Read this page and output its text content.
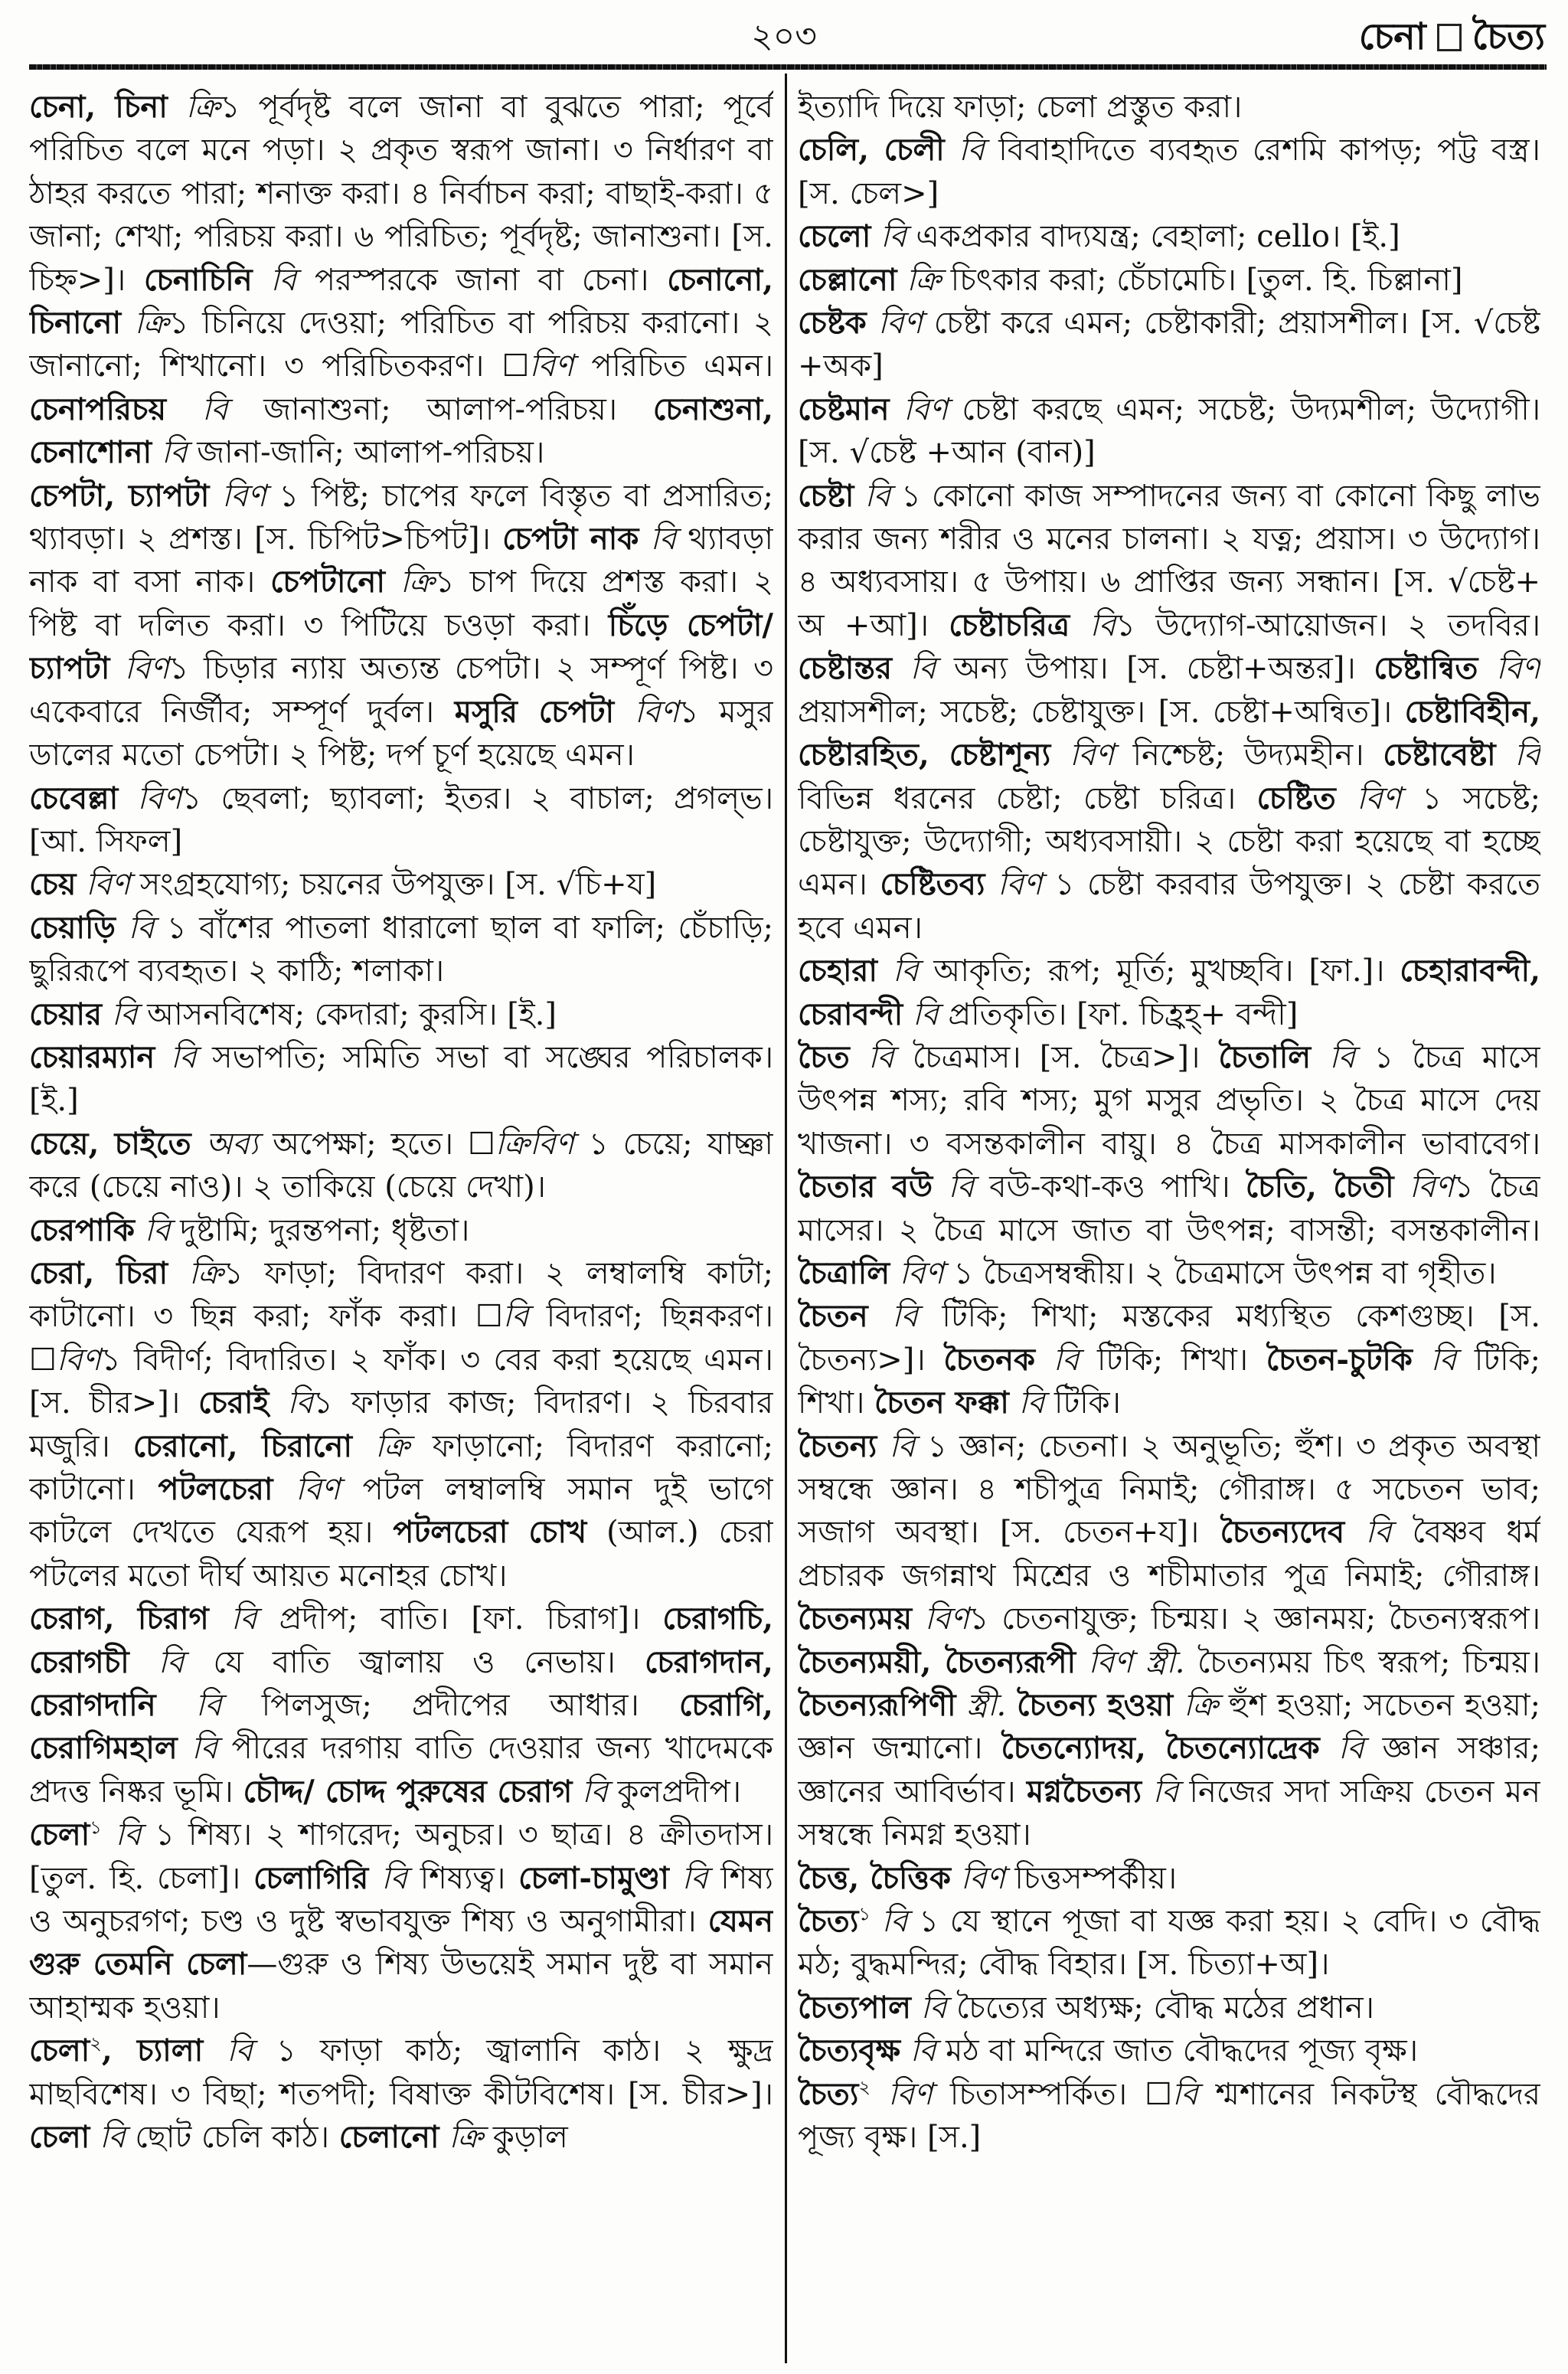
২০৩	চেনা চৈত্য

চেনা, চিনা ক্রি১ পূর্বদৃষ্ট বলে জানা বা বুঝতে পারা; পূর্বে পরিচিত বলে মনে পড়া। ২ প্রকৃত স্বরূপ জানা। ৩ নির্ধারণ বা ঠাহর করতে পারা; শনাক্ত করা। ৪ নির্বাচন করা; বাছাই-করা। ৫ জানা; শেখা; পরিচয় করা। ৬ পরিচিত; পূর্বদৃষ্ট; জানাশুনা। [স. চিহ্ন>]। চেনাচিনি বি পরস্পরকে জানা বা চেনা। চেনানো, চিনানো ক্রি১ চিনিয়ে দেওয়া; পরিচিত বা পরিচয় করানো। ২ জানানো; শিখানো। ৩ পরিচিতকরণ। ☐বিণ পরিচিত এমন। চেনাপরিচয় বি জানাশুনা; আলাপ-পরিচয়। চেনাশুনা, চেনাশোনা বি জানা-জানি; আলাপ-পরিচয়।

চেপটা, চ্যাপটা বিণ ১ পিষ্ট; চাপের ফলে বিস্তৃত বা প্রসারিত; থ্যাবড়া। ২ প্রশস্ত। [স. চিপিট>চিপট]। চেপটা নাক বি থ্যাবড়া নাক বা বসা নাক। চেপটানো ক্রি১ চাপ দিয়ে প্রশস্ত করা। ২ পিষ্ট বা দলিত করা। ৩ পিটিয়ে চওড়া করা। চিঁড়ে চেপটা/ চ্যাপটা বিণ১ চিড়ার ন্যায় অত্যন্ত চেপটা। ২ সম্পূর্ণ পিষ্ট। ৩ একেবারে নির্জীব; সম্পূর্ণ দুর্বল। মসুরি চেপটা বিণ১ মসুর ডালের মতো চেপটা। ২ পিষ্ট; দর্প চূর্ণ হয়েছে এমন।

চেবেল্লা বিণ১ ছেবলা; ছ্যাবলা; ইতর। ২ বাচাল; প্রগল্ভ। [আ. সিফল]

চেয় বিণ সংগ্রহযোগ্য; চয়নের উপযুক্ত। [স. √চি+য]

চেয়াড়ি বি ১ বাঁশের পাতলা ধারালো ছাল বা ফালি; চেঁচাড়ি; ছুরিরূপে ব্যবহৃত। ২ কাঠি; শলাকা।

চেয়ার বি আসনবিশেষ; কেদারা; কুরসি। [ই.]

চেয়ারম্যান বি সভাপতি; সমিতি সভা বা সঙ্ঘের পরিচালক। [ই.]

চেয়ে, চাইতে অব্য অপেক্ষা; হতে। ☐ক্রিবিণ ১ চেয়ে; যাচ্ঞা করে (চেয়ে নাও)। ২ তাকিয়ে (চেয়ে দেখা)।

চেরপাকি বি দুষ্টামি; দুরন্তপনা; ধৃষ্টতা।

চেরা, চিরা ক্রি১ ফাড়া; বিদারণ করা। ২ লম্বালম্বি কাটা; কাটানো। ৩ ছিন্ন করা; ফাঁক করা। ☐বি বিদারণ; ছিন্নকরণ। ☐বিণ১ বিদীর্ণ; বিদারিত। ২ ফাঁক। ৩ বের করা হয়েছে এমন। [স. চীর>]। চেরাই বি১ ফাড়ার কাজ; বিদারণ। ২ চিরবার মজুরি। চেরানো, চিরানো ক্রি ফাড়ানো; বিদারণ করানো; কাটানো। পটলচেরা বিণ পটল লম্বালম্বি সমান দুই ভাগে কাটলে দেখতে যেরূপ হয়। পটলচেরা চোখ (আল.) চেরা পটলের মতো দীর্ঘ আয়ত মনোহর চোখ।

চেরাগ, চিরাগ বি প্রদীপ; বাতি। [ফা. চিরাগ]। চেরাগচি, চেরাগচী বি যে বাতি জ্বালায় ও নেভায়। চেরাগদান, চেরাগদানি বি পিলসুজ; প্রদীপের আধার। চেরাগি, চেরাগিমহাল বি পীরের দরগায় বাতি দেওয়ার জন্য খাদেমকে প্রদত্ত নিষ্কর ভূমি। চৌদ্দ/ চোদ্দ পুরুষের চেরাগ বি কুলপ্রদীপ।

চেলা$^১$ বি ১ শিষ্য। ২ শাগরেদ; অনুচর। ৩ ছাত্র। ৪ ক্রীতদাস। [তুল. হি. চেলা]। চেলাগিরি বি শিষ্যত্ব। চেলা-চামুণ্ডা বি শিষ্য ও অনুচরগণ; চণ্ড ও দুষ্ট স্বভাবযুক্ত শিষ্য ও অনুগামীরা। যেমন গুরু তেমনি চেলা—গুরু ও শিষ্য উভয়েই সমান দুষ্ট বা সমান আহাম্মক হওয়া।

চেলা$^২$, চ্যালা বি ১ ফাড়া কাঠ; জ্বালানি কাঠ। ২ ক্ষুদ্র মাছবিশেষ। ৩ বিছা; শতপদী; বিষাক্ত কীটবিশেষ। [স. চীর>]। চেলা বি ছোট চেলি কাঠ। চেলানো ক্রি কুড়াল

ইত্যাদি দিয়ে ফাড়া; চেলা প্রস্তুত করা।

চেলি, চেলী বি বিবাহাদিতে ব্যবহৃত রেশমি কাপড়; পট্ট বস্ত্র। [স. চেল>]

চেলো বি একপ্রকার বাদ্যযন্ত্র; বেহালা; cello। [ই.]

চেল্লানো ক্রি চিৎকার করা; চেঁচামেচি। [তুল. হি. চিল্লানা]

চেষ্টক বিণ চেষ্টা করে এমন; চেষ্টাকারী; প্রয়াসশীল। [স. √চেষ্ট +অক]

চেষ্টমান বিণ চেষ্টা করছে এমন; সচেষ্ট; উদ্যমশীল; উদ্যোগী। [স. √চেষ্ট +আন (বান)]

চেষ্টা বি ১ কোনো কাজ সম্পাদনের জন্য বা কোনো কিছু লাভ করার জন্য শরীর ও মনের চালনা। ২ যত্ন; প্রয়াস। ৩ উদ্যোগ। ৪ অধ্যবসায়। ৫ উপায়। ৬ প্রাপ্তির জন্য সন্ধান। [স. √চেষ্ট+ অ +আ]। চেষ্টাচরিত্র বি১ উদ্যোগ-আয়োজন। ২ তদবির। চেষ্টান্তর বি অন্য উপায়। [স. চেষ্টা+অন্তর]। চেষ্টান্বিত বিণ প্রয়াসশীল; সচেষ্ট; চেষ্টাযুক্ত। [স. চেষ্টা+অন্বিত]। চেষ্টাবিহীন, চেষ্টারহিত, চেষ্টাশূন্য বিণ নিশ্চেষ্ট; উদ্যমহীন। চেষ্টাবেষ্টা বি বিভিন্ন ধরনের চেষ্টা; চেষ্টা চরিত্র। চেষ্টিত বিণ ১ সচেষ্ট; চেষ্টাযুক্ত; উদ্যোগী; অধ্যবসায়ী। ২ চেষ্টা করা হয়েছে বা হচ্ছে এমন। চেষ্টিতব্য বিণ ১ চেষ্টা করবার উপযুক্ত। ২ চেষ্টা করতে হবে এমন।

চেহারা বি আকৃতি; রূপ; মূর্তি; মুখচ্ছবি। [ফা.]। চেহারাবন্দী, চেরাবন্দী বি প্রতিকৃতি। [ফা. চিহ্রহ্+ বন্দী]

চৈত বি চৈত্রমাস। [স. চৈত্র>]। চৈতালি বি ১ চৈত্র মাসে উৎপন্ন শস্য; রবি শস্য; মুগ মসুর প্রভৃতি। ২ চৈত্র মাসে দেয় খাজনা। ৩ বসন্তকালীন বায়ু। ৪ চৈত্র মাসকালীন ভাবাবেগ। চৈতার বউ বি বউ-কথা-কও পাখি। চৈতি, চৈতী বিণ১ চৈত্র মাসের। ২ চৈত্র মাসে জাত বা উৎপন্ন; বাসন্তী; বসন্তকালীন। চৈত্রালি বিণ ১ চৈত্রসম্বন্ধীয়। ২ চৈত্রমাসে উৎপন্ন বা গৃহীত।

চৈতন বি টিকি; শিখা; মস্তকের মধ্যস্থিত কেশগুচ্ছ। [স. চৈতন্য>]। চৈতনক বি টিকি; শিখা। চৈতন-চুটকি বি টিকি; শিখা। চৈতন ফক্কা বি টিকি।

চৈতন্য বি ১ জ্ঞান; চেতনা। ২ অনুভূতি; হুঁশ। ৩ প্রকৃত অবস্থা সম্বন্ধে জ্ঞান। ৪ শচীপুত্র নিমাই; গৌরাঙ্গ। ৫ সচেতন ভাব; সজাগ অবস্থা। [স. চেতন+য]। চৈতন্যদেব বি বৈষ্ণব ধর্ম প্রচারক জগন্নাথ মিশ্রের ও শচীমাতার পুত্র নিমাই; গৌরাঙ্গ। চৈতন্যময় বিণ১ চেতনাযুক্ত; চিন্ময়। ২ জ্ঞানময়; চৈতন্যস্বরূপ। চৈতন্যময়ী, চৈতন্যরূপী বিণ স্ত্রী. চৈতন্যময় চিৎ স্বরূপ; চিন্ময়। চৈতন্যরূপিণী স্ত্রী. চৈতন্য হওয়া ক্রি হুঁশ হওয়া; সচেতন হওয়া; জ্ঞান জন্মানো। চৈতন্যোদয়, চৈতন্যোদ্রেক বি জ্ঞান সঞ্চার; জ্ঞানের আবির্ভাব। মগ্নচৈতন্য বি নিজের সদা সক্রিয় চেতন মন সম্বন্ধে নিমগ্ন হওয়া।

চৈত্ত, চৈত্তিক বিণ চিত্তসম্পর্কীয়।

চৈত্য$^১$ বি ১ যে স্থানে পূজা বা যজ্ঞ করা হয়। ২ বেদি। ৩ বৌদ্ধ মঠ; বুদ্ধমন্দির; বৌদ্ধ বিহার। [স. চিত্যা+অ]।

চৈত্যপাল বি চৈত্যের অধ্যক্ষ; বৌদ্ধ মঠের প্রধান।

চৈত্যবৃক্ষ বি মঠ বা মন্দিরে জাত বৌদ্ধদের পূজ্য বৃক্ষ।

চৈত্য$^২$ বিণ চিতাসম্পর্কিত। ☐বি শ্মশানের নিকটস্থ বৌদ্ধদের পূজ্য বৃক্ষ। [স.]
